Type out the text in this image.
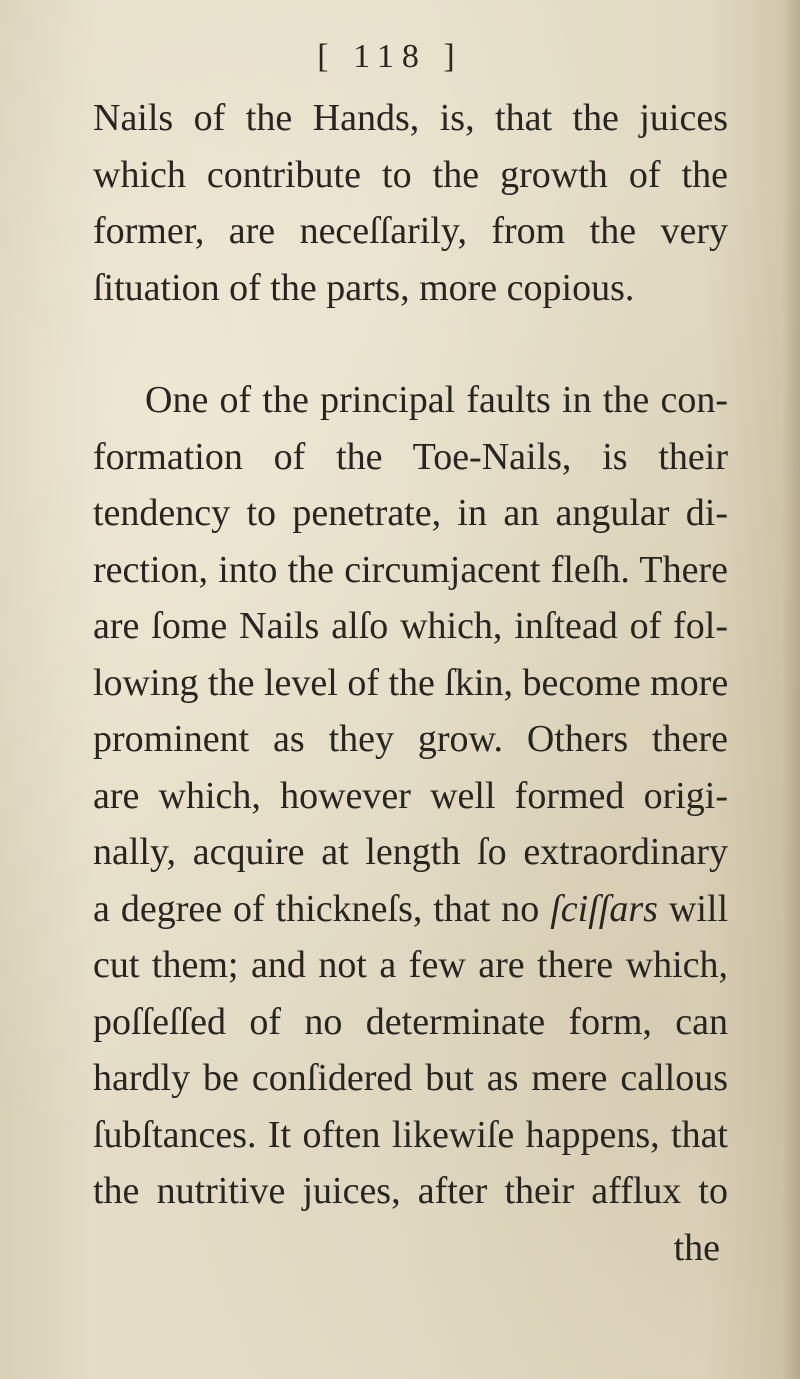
[ 118 ]
Nails of the Hands, is, that the juices
which contribute to the growth of the
former, are neceſſarily, from the very
ſituation of the parts, more copious.
One of the principal faults in the con-
formation of the Toe-Nails, is their
tendency to penetrate, in an angular di-
rection, into the circumjacent fleſh. There
are ſome Nails alſo which, inſtead of fol-
lowing the level of the ſkin, become more
prominent as they grow. Others there
are which, however well formed origi-
nally, acquire at length ſo extraordinary
a degree of thickneſs, that no ſciſſars will
cut them; and not a few are there which,
poſſeſſed of no determinate form, can
hardly be conſidered but as mere callous
ſubſtances. It often likewiſe happens, that
the nutritive juices, after their afflux to
the
